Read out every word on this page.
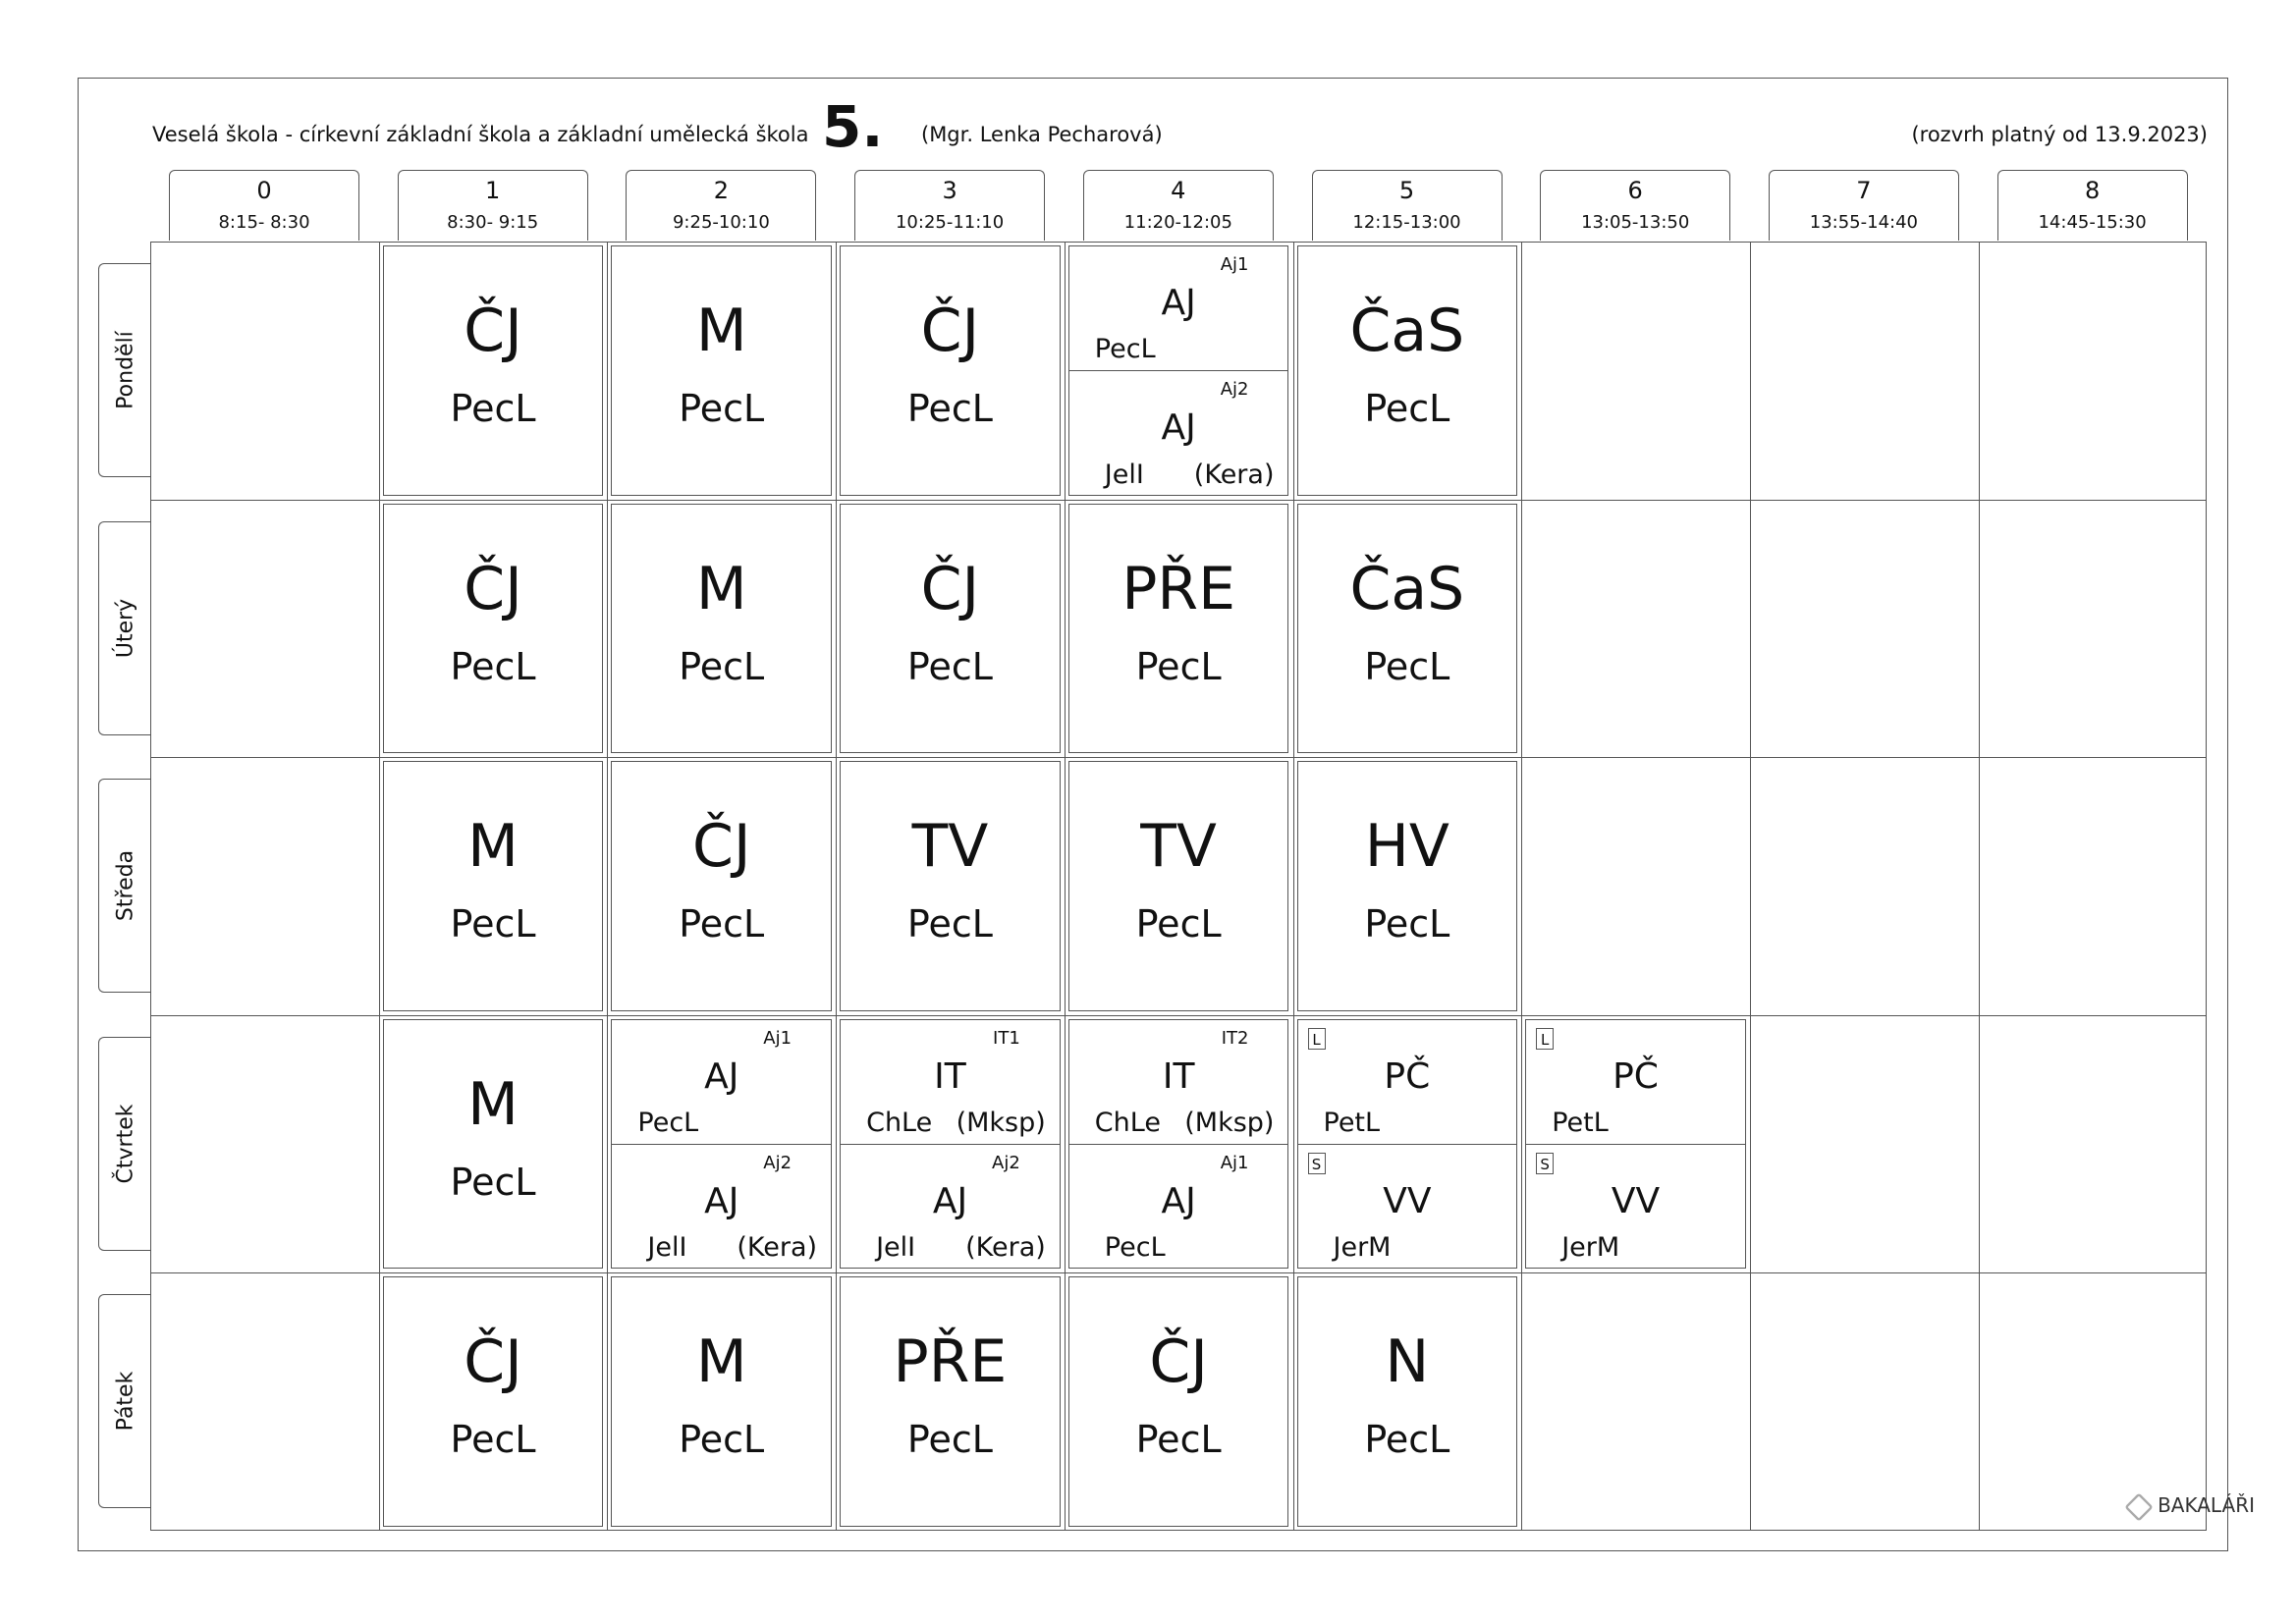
Veselá škola - církevní základní škola a základní umělecká škola 5. (Mgr. Lenka Pecharová)	(rozvrh platný od 13.9.2023)
0
8:15- 8:30
1
8:30- 9:15
2
9:25-10:10
3
10:25-11:10
4
11:20-12:05
5
12:15-13:00
6
13:05-13:50
7
13:55-14:40
8
14:45-15:30
Pondělí
Úterý
Středa
Čtvrtek
Pátek
ČJ
PecL
M
PecL
ČJ
PecL
Aj1
AJ
PecL
Aj2
AJ
JelI (Kera)
ČaS
PecL
ČJ
PecL
M
PecL
ČJ
PecL
PŘE
PecL
ČaS
PecL
M
PecL
ČJ
PecL
TV
PecL
TV
PecL
HV
PecL
M
PecL
Aj1
AJ
PecL
Aj2
AJ
JelI (Kera)
IT1
IT
ChLe (Mksp)
Aj2
AJ
JelI (Kera)
IT2
IT
ChLe (Mksp)
Aj1
AJ
PecL
L
PČ
PetL
S
VV
JerM
L
PČ
PetL
S
VV
JerM
ČJ
PecL
M
PecL
PŘE
PecL
ČJ
PecL
N
PecL
BAKALÁŘI
